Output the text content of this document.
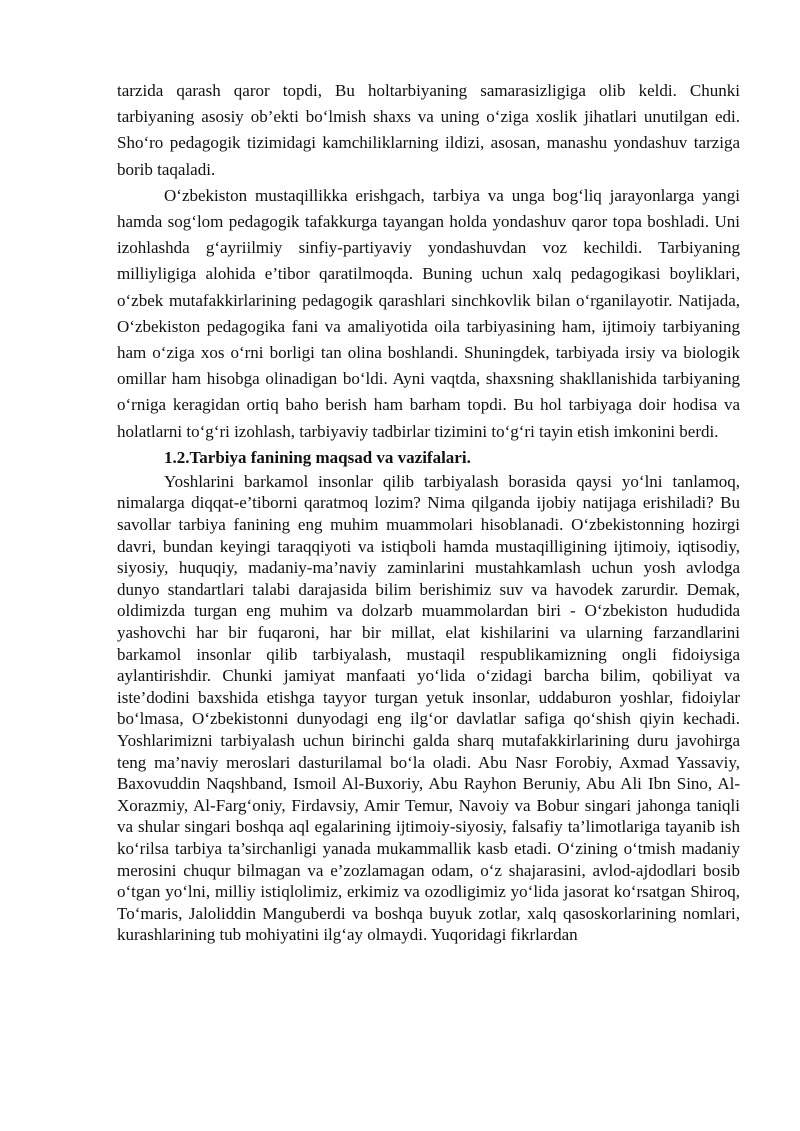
tarzida qarash qaror topdi, Bu holtarbiyaning samarasizligiga olib keldi. Chunki tarbiyaning asosiy ob’ekti bo‘lmish shaxs va uning o‘ziga xoslik jihatlari unutilgan edi. Sho‘ro pedagogik tizimidagi kamchiliklarning ildizi, asosan, manashu yondashuv tarziga borib taqaladi.

O‘zbekiston mustaqillikka erishgach, tarbiya va unga bog‘liq jarayonlarga yangi hamda sog‘lom pedagogik tafakkurga tayangan holda yondashuv qaror topa boshladi. Uni izohlashda g‘ayriilmiy sinfiy-partiyaviy yondashuvdan voz kechildi. Tarbiyaning milliyligiga alohida e’tibor qaratilmoqda. Buning uchun xalq pedagogikasi boyliklari, o‘zbek mutafakkirlarining pedagogik qarashlari sinchkovlik bilan o‘rganilayotir. Natijada, O‘zbekiston pedagogika fani va amaliyotida oila tarbiyasining ham, ijtimoiy tarbiyaning ham o‘ziga xos o‘rni borligi tan olina boshlandi. Shuningdek, tarbiyada irsiy va biologik omillar ham hisobga olinadigan bo‘ldi. Ayni vaqtda, shaxsning shakllanishida tarbiyaning o‘rniga keragidan ortiq baho berish ham barham topdi. Bu hol tarbiyaga doir hodisa va holatlarni to‘g‘ri izohlash, tarbiyaviy tadbirlar tizimini to‘g‘ri tayin etish imkonini berdi.

1.2.Tarbiya fanining maqsad va vazifalari.

Yoshlarini barkamol insonlar qilib tarbiyalash borasida qaysi yo‘lni tanlamoq, nimalarga diqqat-e’tiborni qaratmoq lozim? Nima qilganda ijobiy natijaga erishiladi? Bu savollar tarbiya fanining eng muhim muammolari hisoblanadi. O‘zbekistonning hozirgi davri, bundan keyingi taraqqiyoti va istiqboli hamda mustaqilligining ijtimoiy, iqtisodiy, siyosiy, huquqiy, madaniy-ma’naviy zaminlarini mustahkamlash uchun yosh avlodga dunyo standartlari talabi darajasida bilim berishimiz suv va havodek zarurdir. Demak, oldimizda turgan eng muhim va dolzarb muammolardan biri - O‘zbekiston hududida yashovchi har bir fuqaroni, har bir millat, elat kishilarini va ularning farzandlarini barkamol insonlar qilib tarbiyalash, mustaqil respublikamizning ongli fidoiysiga aylantirishdir. Chunki jamiyat manfaati yo‘lida o‘zidagi barcha bilim, qobiliyat va iste’dodini baxshida etishga tayyor turgan yetuk insonlar, uddaburon yoshlar, fidoiylar bo‘lmasa, O‘zbekistonni dunyodagi eng ilg‘or davlatlar safiga qo‘shish qiyin kechadi. Yoshlarimizni tarbiyalash uchun birinchi galda sharq mutafakkirlarining duru javohirga teng ma’naviy meroslari dasturilamal bo‘la oladi. Abu Nasr Forobiy, Axmad Yassaviy, Baxovuddin Naqshband, Ismoil Al-Buxoriy, Abu Rayhon Beruniy, Abu Ali Ibn Sino, Al-Xorazmiy, Al-Farg‘oniy, Firdavsiy, Amir Temur, Navoiy va Bobur singari jahonga taniqli va shular singari boshqa aql egalarining ijtimoiy-siyosiy, falsafiy ta’limotlariga tayanib ish ko‘rilsa tarbiya ta’sirchanligi yanada mukammallik kasb etadi. O‘zining o‘tmish madaniy merosini chuqur bilmagan va e’zozlamagan odam, o‘z shajarasini, avlod-ajdodlari bosib o‘tgan yo‘lni, milliy istiqlolimiz, erkimiz va ozodligimiz yo‘lida jasorat ko‘rsatgan Shiroq, To‘maris, Jaloliddin Manguberdi va boshqa buyuk zotlar, xalq qasoskorlarining nomlari, kurashlarining tub mohiyatini ilg‘ay olmaydi. Yuqoridagi fikrlardan
